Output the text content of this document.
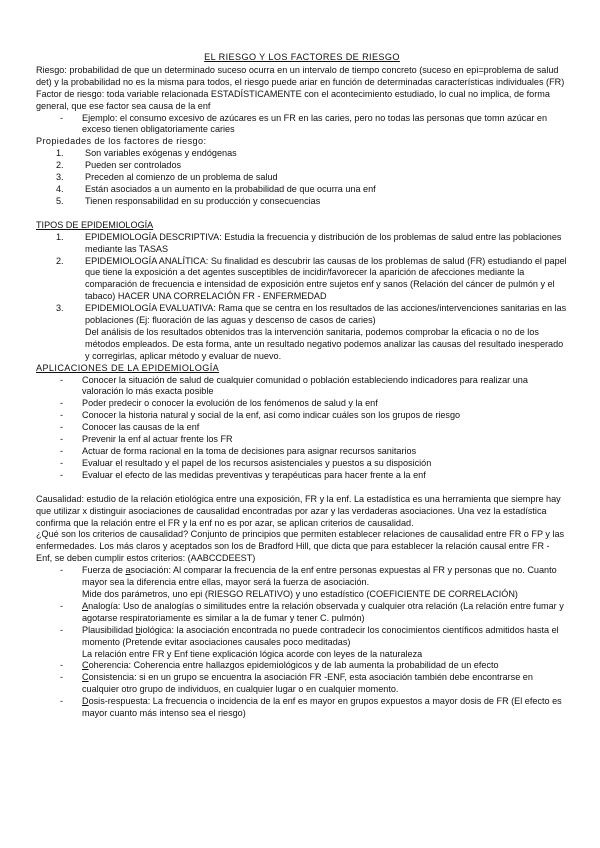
EL RIESGO Y LOS FACTORES DE RIESGO

Riesgo: probabilidad de que un determinado suceso ocurra en un intervalo de tiempo concreto (suceso en epi=problema de salud det) y la probabilidad no es la misma para todos, el riesgo puede ariar en función de determinadas características individuales (FR)

Factor de riesgo: toda variable relacionada ESTADÍSTICAMENTE con el acontecimiento estudiado, lo cual no implica, de forma general, que ese factor sea causa de la enf

- Ejemplo: el consumo excesivo de azúcares es un FR en las caries, pero no todas las personas que tomn azúcar en exceso tienen obligatoriamente caries

Propiedades de los factores de riesgo:

1. Son variables exógenas y endógenas
2. Pueden ser controlados
3. Preceden al comienzo de un problema de salud
4. Están asociados a un aumento en la probabilidad de que ocurra una enf
5. Tienen responsabilidad en su producción y consecuencias

TIPOS DE EPIDEMIOLOGÍA

1. EPIDEMIOLOGÍA DESCRIPTIVA: Estudia la frecuencia y distribución de los problemas de salud entre las poblaciones mediante las TASAS
2. EPIDEMIOLOGÍA ANALÍTICA: Su finalidad es descubrir las causas de los problemas de salud (FR) estudiando el papel que tiene la exposición a det agentes susceptibles de incidir/favorecer la aparición de afecciones mediante la comparación de frecuencia e intensidad de exposición entre sujetos enf y sanos (Relación del cáncer de pulmón y el tabaco) HACER UNA CORRELACIÓN FR - ENFERMEDAD
3. EPIDEMIOLOGÍA EVALUATIVA: Rama que se centra en los resultados de las acciones/intervenciones sanitarias en las poblaciones (Ej: fluoración de las aguas y descenso de casos de caries)
Del análisis de los resultados obtenidos tras la intervención sanitaria, podemos comprobar la eficacia o no de los métodos empleados. De esta forma, ante un resultado negativo podemos analizar las causas del resultado inesperado y corregirlas, aplicar método y evaluar de nuevo.

APLICACIONES DE LA EPIDEMIOLOGÍA

- Conocer la situación de salud de cualquier comunidad o población estableciendo indicadores para realizar una valoración lo más exacta posible
- Poder predecir o conocer la evolución de los fenómenos de salud y la enf
- Conocer la historia natural y social de la enf, así como indicar cuáles son los grupos de riesgo
- Conocer las causas de la enf
- Prevenir la enf al actuar frente los FR
- Actuar de forma racional en la toma de decisiones para asignar recursos sanitarios
- Evaluar el resultado y el papel de los recursos asistenciales y puestos a su disposición
- Evaluar el efecto de las medidas preventivas y terapéuticas para hacer frente a la enf

Causalidad: estudio de la relación etiológica entre una exposición, FR y la enf. La estadística es una herramienta que siempre hay que utilizar x distinguir asociaciones de causalidad encontradas por azar y las verdaderas asociaciones. Una vez la estadística confirma que la relación entre el FR y la enf no es por azar, se aplican criterios de causalidad.

¿Qué son los criterios de causalidad? Conjunto de principios que permiten establecer relaciones de causalidad entre FR o FP y las enfermedades. Los más claros y aceptados son los de Bradford Hill, que dicta que para establecer la relación causal entre FR - Enf, se deben cumplir estos criterios: (AABCCDEEST)

- Fuerza de asociación: Al comparar la frecuencia de la enf entre personas expuestas al FR y personas que no. Cuanto mayor sea la diferencia entre ellas, mayor será la fuerza de asociación.
Mide dos parámetros, uno epi (RIESGO RELATIVO) y uno estadístico (COEFICIENTE DE CORRELACIÓN)
- Analogía: Uso de analogías o similitudes entre la relación observada y cualquier otra relación (La relación entre fumar y agotarse respiratoriamente es similar a la de fumar y tener C. pulmón)
- Plausibilidad biológica: la asociación encontrada no puede contradecir los conocimientos científicos admitidos hasta el momento (Pretende evitar asociaciones causales poco meditadas)
La relación entre FR y Enf tiene explicación lógica acorde con leyes de la naturaleza
- Coherencia: Coherencia entre hallazgos epidemiológicos y de lab aumenta la probabilidad de un efecto
- Consistencia: si en un grupo se encuentra la asociación FR -ENF, esta asociación también debe encontrarse en cualquier otro grupo de individuos, en cualquier lugar o en cualquier momento.
- Dosis-respuesta: La frecuencia o incidencia de la enf es mayor en grupos expuestos a mayor dosis de FR (El efecto es mayor cuanto más intenso sea el riesgo)
